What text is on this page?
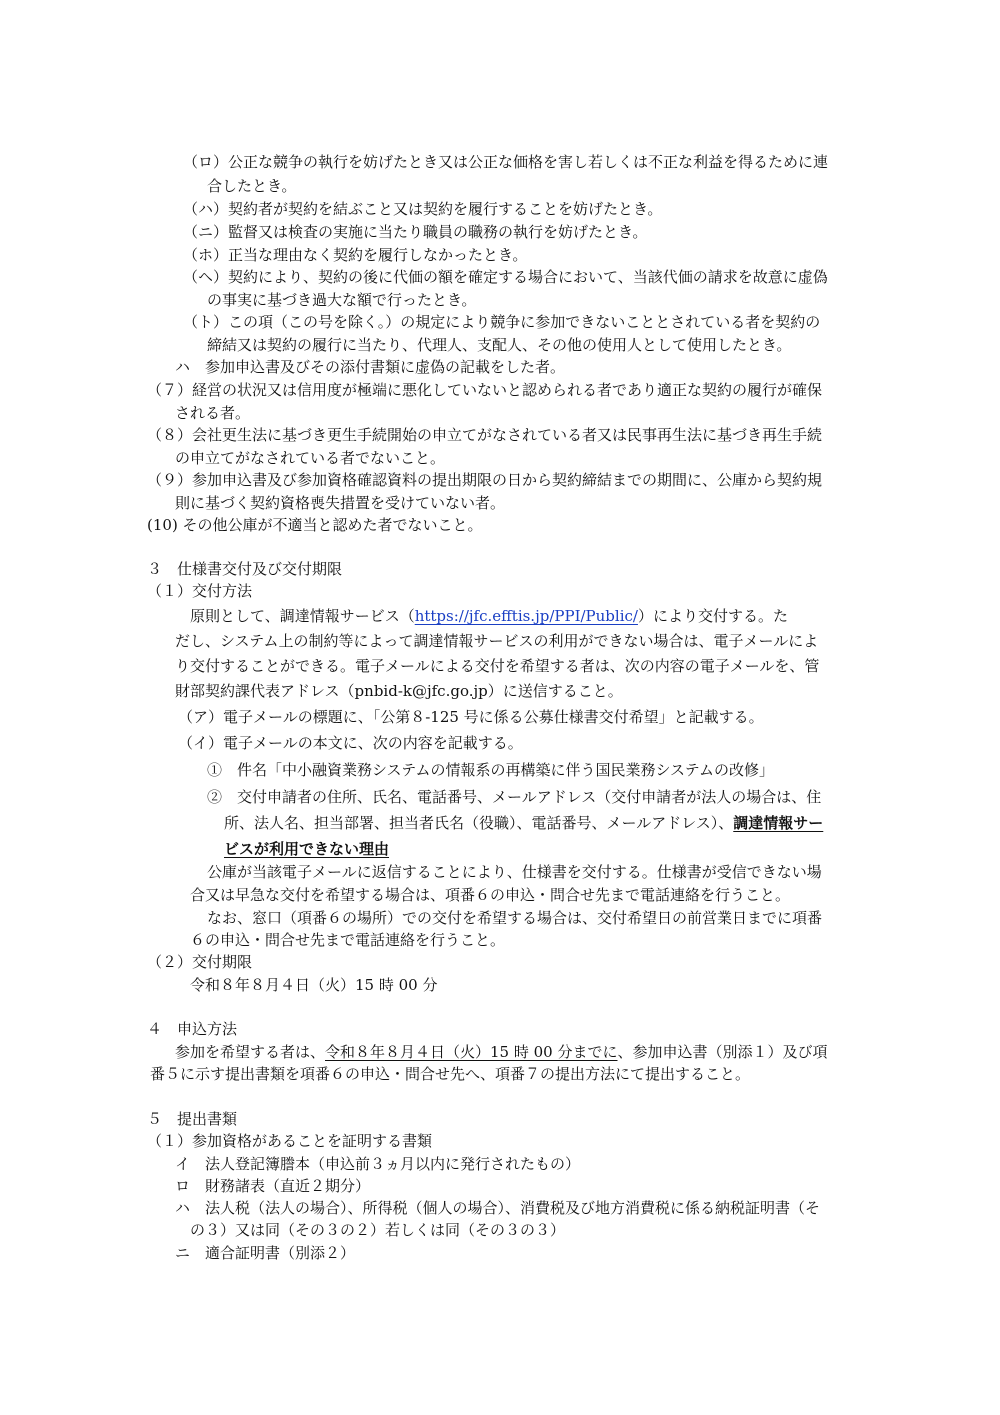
（ロ）公正な競争の執行を妨げたとき又は公正な価格を害し若しくは不正な利益を得るために連
合したとき。
（ハ）契約者が契約を結ぶこと又は契約を履行することを妨げたとき。
（ニ）監督又は検査の実施に当たり職員の職務の執行を妨げたとき。
（ホ）正当な理由なく契約を履行しなかったとき。
（ヘ）契約により、契約の後に代価の額を確定する場合において、当該代価の請求を故意に虚偽
の事実に基づき過大な額で行ったとき。
（ト）この項（この号を除く。）の規定により競争に参加できないこととされている者を契約の
締結又は契約の履行に当たり、代理人、支配人、その他の使用人として使用したとき。
ハ　参加申込書及びその添付書類に虚偽の記載をした者。
（７）経営の状況又は信用度が極端に悪化していないと認められる者であり適正な契約の履行が確保
される者。
（８）会社更生法に基づき更生手続開始の申立てがなされている者又は民事再生法に基づき再生手続
の申立てがなされている者でないこと。
（９）参加申込書及び参加資格確認資料の提出期限の日から契約締結までの期間に、公庫から契約規
則に基づく契約資格喪失措置を受けていない者。
(10) その他公庫が不適当と認めた者でないこと。
３　仕様書交付及び交付期限
（１）交付方法
原則として、調達情報サービス（https://jfc.efftis.jp/PPI/Public/）により交付する。た
だし、システム上の制約等によって調達情報サービスの利用ができない場合は、電子メールによ
り交付することができる。電子メールによる交付を希望する者は、次の内容の電子メールを、管
財部契約課代表アドレス（pnbid-k@jfc.go.jp）に送信すること。
（ア）電子メールの標題に、「公第８-125 号に係る公募仕様書交付希望」と記載する。
（イ）電子メールの本文に、次の内容を記載する。
①　件名「中小融資業務システムの情報系の再構築に伴う国民業務システムの改修」
②　交付申請者の住所、氏名、電話番号、メールアドレス（交付申請者が法人の場合は、住
所、法人名、担当部署、担当者氏名（役職）、電話番号、メールアドレス）、調達情報サー
ビスが利用できない理由
公庫が当該電子メールに返信することにより、仕様書を交付する。仕様書が受信できない場
合又は早急な交付を希望する場合は、項番６の申込・問合せ先まで電話連絡を行うこと。
なお、窓口（項番６の場所）での交付を希望する場合は、交付希望日の前営業日までに項番
６の申込・問合せ先まで電話連絡を行うこと。
（２）交付期限
令和８年８月４日（火）15 時 00 分
４　申込方法
参加を希望する者は、令和８年８月４日（火）15 時 00 分までに、参加申込書（別添１）及び項
番５に示す提出書類を項番６の申込・問合せ先へ、項番７の提出方法にて提出すること。
５　提出書類
（１）参加資格があることを証明する書類
イ　法人登記簿謄本（申込前３ヵ月以内に発行されたもの）
ロ　財務諸表（直近２期分）
ハ　法人税（法人の場合）、所得税（個人の場合）、消費税及び地方消費税に係る納税証明書（そ
の３）又は同（その３の２）若しくは同（その３の３）
ニ　適合証明書（別添２）
